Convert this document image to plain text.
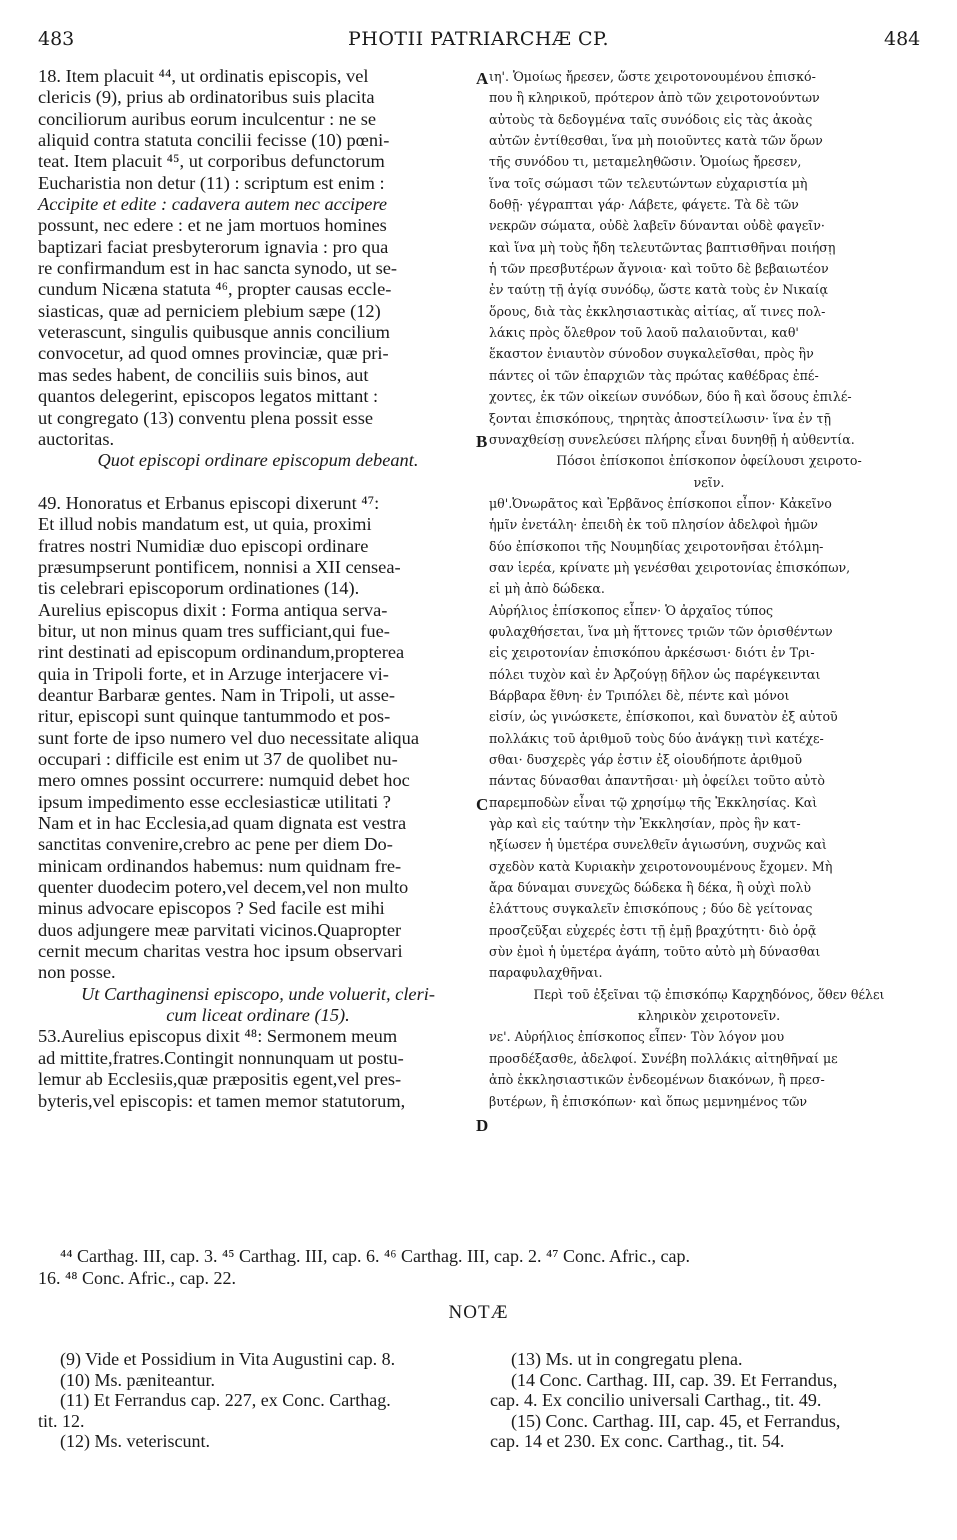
483	PHOTII PATRIARCHÆ CP.	484
18. Item placuit ⁴⁴, ut ordinatis episcopis, vel
clericis (9), prius ab ordinatoribus suis placita
conciliorum auribus eorum inculcentur : ne se
aliquid contra statuta concilii fecisse (10) pœni-
teat. Item placuit ⁴⁵, ut corporibus defunctorum
Eucharistia non detur (11) : scriptum est enim :
Accipite et edite : cadavera autem nec accipere
possunt, nec edere : et ne jam mortuos homines
baptizari faciat presbyterorum ignavia : pro qua
re confirmandum est in hac sancta synodo, ut se-
cundum Nicæna statuta ⁴⁶, propter causas eccle-
siasticas, quæ ad perniciem plebium sæpe (12)
veterascunt, singulis quibusque annis concilium
convocetur, ad quod omnes provinciæ, quæ pri-
mas sedes habent, de conciliis suis binos, aut
quantos delegerint, episcopos legatos mittant :
ut congregato (13) conventu plena possit esse
auctoritas.
Quot episcopi ordinare episcopum debeant.
49. Honoratus et Erbanus episcopi dixerunt ⁴⁷:
Et illud nobis mandatum est, ut quia, proximi
fratres nostri Numidiæ duo episcopi ordinare
præsumpserunt pontificem, nonnisi a XII censea-
tis celebrari episcoporum ordinationes (14).
Aurelius episcopus dixit : Forma antiqua serva-
bitur, ut non minus quam tres sufficiant,qui fue-
rint destinati ad episcopum ordinandum,propterea
quia in Tripoli forte, et in Arzuge interjacere vi-
deantur Barbaræ gentes. Nam in Tripoli, ut asse-
ritur, episcopi sunt quinque tantummodo et pos-
sunt forte de ipso numero vel duo necessitate aliqua
occupari : difficile est enim ut 37 de quolibet nu-
mero omnes possint occurrere: numquid debet hoc
ipsum impedimento esse ecclesiasticæ utilitati ?
Nam et in hac Ecclesia,ad quam dignata est vestra
sanctitas convenire,crebro ac pene per diem Do-
minicam ordinandos habemus: num quidnam fre-
quenter duodecim potero,vel decem,vel non multo
minus advocare episcopos ? Sed facile est mihi
duos adjungere meæ parvitati vicinos.Quapropter
cernit mecum charitas vestra hoc ipsum observari
non posse.
Ut Carthaginensi episcopo, unde voluerit, cleri-
cum liceat ordinare (15).
53.Aurelius episcopus dixit ⁴⁸: Sermonem meum
ad mittite,fratres.Contingit nonnunquam ut postu-
lemur ab Ecclesiis,quæ præpositis egent,vel pres-
byteris,vel episcopis: et tamen memor statutorum,
ιη'. Ὁμοίως ἤρεσεν, ὥστε χειροτονουμένου ἐπισκό-
που ἢ κληρικοῦ, πρότερον ἀπὸ τῶν χειροτονούντων
αὐτοὺς τὰ δεδογμένα ταῖς συνόδοις εἰς τὰς ἀκοὰς
αὐτῶν ἐντίθεσθαι, ἵνα μὴ ποιοῦντες κατὰ τῶν ὅρων
τῆς συνόδου τι, μεταμεληθῶσιν. Ὁμοίως ἤρεσεν,
ἵνα τοῖς σώμασι τῶν τελευτώντων εὐχαριστία μὴ
δοθῇ· γέγραπται γάρ· Λάβετε, φάγετε. Τὰ δὲ τῶν
νεκρῶν σώματα, οὐδὲ λαβεῖν δύνανται οὐδὲ φαγεῖν·
καὶ ἵνα μὴ τοὺς ἤδη τελευτῶντας βαπτισθῆναι ποιήσῃ
ἡ τῶν πρεσβυτέρων ἄγνοια· καὶ τοῦτο δὲ βεβαιωτέον
ἐν ταύτῃ τῇ ἁγίᾳ συνόδῳ, ὥστε κατὰ τοὺς ἐν Νικαίᾳ
ὅρους, διὰ τὰς ἐκκλησιαστικὰς αἰτίας, αἵ τινες πολ-
λάκις πρὸς ὄλεθρον τοῦ λαοῦ παλαιοῦνται, καθ'
ἕκαστον ἐνιαυτὸν σύνοδον συγκαλεῖσθαι, πρὸς ἣν
πάντες οἱ τῶν ἐπαρχιῶν τὰς πρώτας καθέδρας ἐπέ-
χοντες, ἐκ τῶν οἰκείων συνόδων, δύο ἢ καὶ ὅσους ἐπιλέ-
ξονται ἐπισκόπους, τηρητὰς ἀποστείλωσιν· ἵνα ἐν τῇ
συναχθείσῃ συνελεύσει πλήρης εἶναι δυνηθῇ ἡ αὐθεντία.
Πόσοι ἐπίσκοποι ἐπίσκοπον ὀφείλουσι χειροτο-
νεῖν.
μθ'.Ὀνωρᾶτος καὶ Ἐρβᾶνος ἐπίσκοποι εἶπον· Κἀκεῖνο
ἡμῖν ἐνετάλη· ἐπειδὴ ἐκ τοῦ πλησίον ἀδελφοὶ ἡμῶν
δύο ἐπίσκοποι τῆς Νουμηδίας χειροτονῆσαι ἐτόλμη-
σαν ἱερέα, κρίνατε μὴ γενέσθαι χειροτονίας ἐπισκόπων,
εἰ μὴ ἀπὸ δώδεκα.
Αὐρήλιος ἐπίσκοπος εἶπεν· Ὁ ἀρχαῖος τύπος
φυλαχθήσεται, ἵνα μὴ ἥττονες τριῶν τῶν ὁρισθέντων
εἰς χειροτονίαν ἐπισκόπου ἀρκέσωσι· διότι ἐν Τρι-
πόλει τυχὸν καὶ ἐν Ἀρζούγῃ δῆλον ὡς παρέγκεινται
Βάρβαρα ἔθνη· ἐν Τριπόλει δὲ, πέντε καὶ μόνοι
εἰσίν, ὡς γινώσκετε, ἐπίσκοποι, καὶ δυνατὸν ἐξ αὐτοῦ
πολλάκις τοῦ ἀριθμοῦ τοὺς δύο ἀνάγκῃ τινὶ κατέχε-
σθαι· δυσχερὲς γάρ ἐστιν ἐξ οἱουδήποτε ἀριθμοῦ
πάντας δύνασθαι ἀπαντῆσαι· μὴ ὀφείλει τοῦτο αὐτὸ
παρεμποδὼν εἶναι τῷ χρησίμῳ τῆς Ἐκκλησίας. Καὶ
γὰρ καὶ εἰς ταύτην τὴν Ἐκκλησίαν, πρὸς ἣν κατ-
ηξίωσεν ἡ ὑμετέρα συνελθεῖν ἁγιωσύνη, συχνῶς καὶ
σχεδὸν κατὰ Κυριακὴν χειροτονουμένους ἔχομεν. Μὴ
ἄρα δύναμαι συνεχῶς δώδεκα ἢ δέκα, ἢ οὐχὶ πολὺ
ἐλάττους συγκαλεῖν ἐπισκόπους ; δύο δὲ γείτονας
προσζεῦξαι εὐχερές ἐστι τῇ ἐμῇ βραχύτητι· διὸ ὁρᾷ
σὺν ἐμοὶ ἡ ὑμετέρα ἀγάπη, τοῦτο αὐτὸ μὴ δύνασθαι
παραφυλαχθῆναι.
Περὶ τοῦ ἐξεῖναι τῷ ἐπισκόπῳ Καρχηδόνος, ὅθεν θέλει
κληρικὸν χειροτονεῖν.
νε'. Αὐρήλιος ἐπίσκοπος εἶπεν· Τὸν λόγον μου
προσδέξασθε, ἀδελφοί. Συνέβη πολλάκις αἰτηθῆναί με
ἀπὸ ἐκκλησιαστικῶν ἐνδεομένων διακόνων, ἢ πρεσ-
βυτέρων, ἢ ἐπισκόπων· καὶ ὅπως μεμνημένος τῶν
A
B
C
D
⁴⁴ Carthag. III, cap. 3. ⁴⁵ Carthag. III, cap. 6. ⁴⁶ Carthag. III, cap. 2. ⁴⁷ Conc. Afric., cap.
16. ⁴⁸ Conc. Afric., cap. 22.
NOTÆ
(9) Vide et Possidium in Vita Augustini cap. 8.
(10) Ms. pæniteantur.
(11) Et Ferrandus cap. 227, ex Conc. Carthag.
tit. 12.
(12) Ms. veteriscunt.
(13) Ms. ut in congregatu plena.
(14 Conc. Carthag. III, cap. 39. Et Ferrandus,
cap. 4. Ex concilio universali Carthag., tit. 49.
(15) Conc. Carthag. III, cap. 45, et Ferrandus,
cap. 14 et 230. Ex conc. Carthag., tit. 54.
